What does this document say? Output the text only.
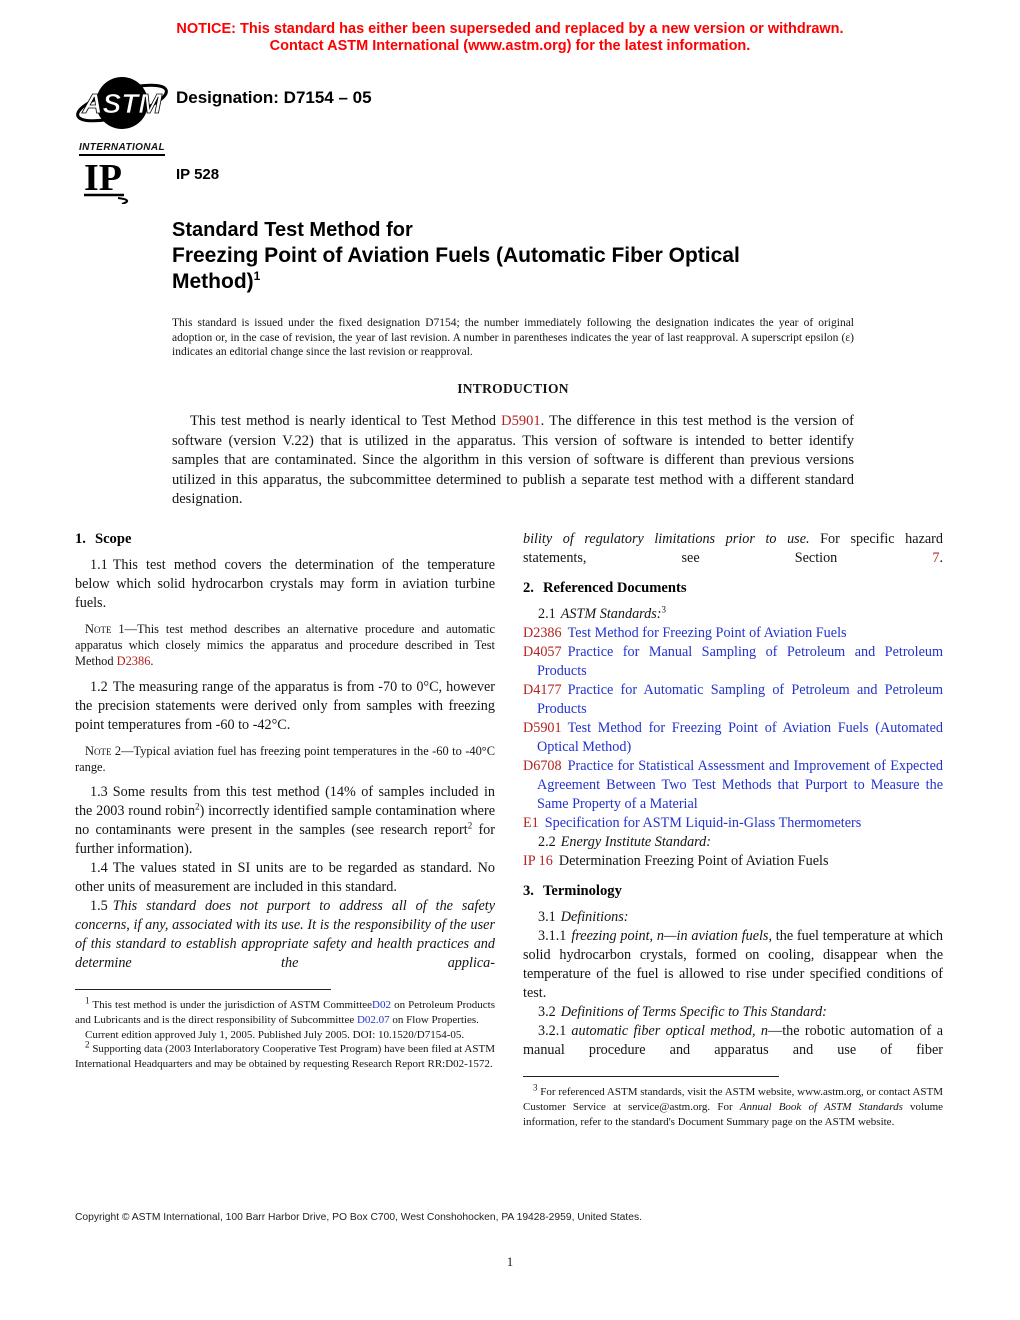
NOTICE: This standard has either been superseded and replaced by a new version or withdrawn.
Contact ASTM International (www.astm.org) for the latest information.
ASTM
INTERNATIONAL
Designation: D7154 – 05
IP	IP 528
Standard Test Method for
Freezing Point of Aviation Fuels (Automatic Fiber Optical
Method)$^1$

This standard is issued under the fixed designation D7154; the number immediately following the designation indicates the year of original adoption or, in the case of revision, the year of last revision. A number in parentheses indicates the year of last reapproval. A superscript epsilon (ε) indicates an editorial change since the last revision or reapproval.

INTRODUCTION

This test method is nearly identical to Test Method D5901. The difference in this test method is the version of software (version V.22) that is utilized in the apparatus. This version of software is intended to better identify samples that are contaminated. Since the algorithm in this version of software is different than previous versions utilized in this apparatus, the subcommittee determined to publish a separate test method with a different standard designation.

1. Scope

1.1 This test method covers the determination of the temperature below which solid hydrocarbon crystals may form in aviation turbine fuels.

Note 1—This test method describes an alternative procedure and automatic apparatus which closely mimics the apparatus and procedure described in Test Method D2386.

1.2 The measuring range of the apparatus is from -70 to 0°C, however the precision statements were derived only from samples with freezing point temperatures from -60 to -42°C.

Note 2—Typical aviation fuel has freezing point temperatures in the -60 to -40°C range.

1.3 Some results from this test method (14% of samples included in the 2003 round robin$^2$) incorrectly identified sample contamination where no contaminants were present in the samples (see research report$^2$ for further information).

1.4 The values stated in SI units are to be regarded as standard. No other units of measurement are included in this standard.

1.5 This standard does not purport to address all of the safety concerns, if any, associated with its use. It is the responsibility of the user of this standard to establish appropriate safety and health practices and determine the applica-

$^1$ This test method is under the jurisdiction of ASTM CommitteeD02 on Petroleum Products and Lubricants and is the direct responsibility of Subcommittee D02.07 on Flow Properties.
Current edition approved July 1, 2005. Published July 2005. DOI: 10.1520/D7154-05.
$^2$ Supporting data (2003 Interlaboratory Cooperative Test Program) have been filed at ASTM International Headquarters and may be obtained by requesting Research Report RR:D02-1572.

bility of regulatory limitations prior to use. For specific hazard statements, see Section 7.

2. Referenced Documents

2.1 ASTM Standards:$^3$

D2386 Test Method for Freezing Point of Aviation Fuels
D4057 Practice for Manual Sampling of Petroleum and Petroleum Products
D4177 Practice for Automatic Sampling of Petroleum and Petroleum Products
D5901 Test Method for Freezing Point of Aviation Fuels (Automated Optical Method)
D6708 Practice for Statistical Assessment and Improvement of Expected Agreement Between Two Test Methods that Purport to Measure the Same Property of a Material
E1 Specification for ASTM Liquid-in-Glass Thermometers

2.2 Energy Institute Standard:

IP 16 Determination Freezing Point of Aviation Fuels
3. Terminology

3.1 Definitions:

3.1.1 freezing point, n—in aviation fuels, the fuel temperature at which solid hydrocarbon crystals, formed on cooling, disappear when the temperature of the fuel is allowed to rise under specified conditions of test.

3.2 Definitions of Terms Specific to This Standard:

3.2.1 automatic fiber optical method, n—the robotic automation of a manual procedure and apparatus and use of fiber

$^3$ For referenced ASTM standards, visit the ASTM website, www.astm.org, or contact ASTM Customer Service at service@astm.org. For Annual Book of ASTM Standards volume information, refer to the standard's Document Summary page on the ASTM website.
Copyright © ASTM International, 100 Barr Harbor Drive, PO Box C700, West Conshohocken, PA 19428-2959, United States.
1
